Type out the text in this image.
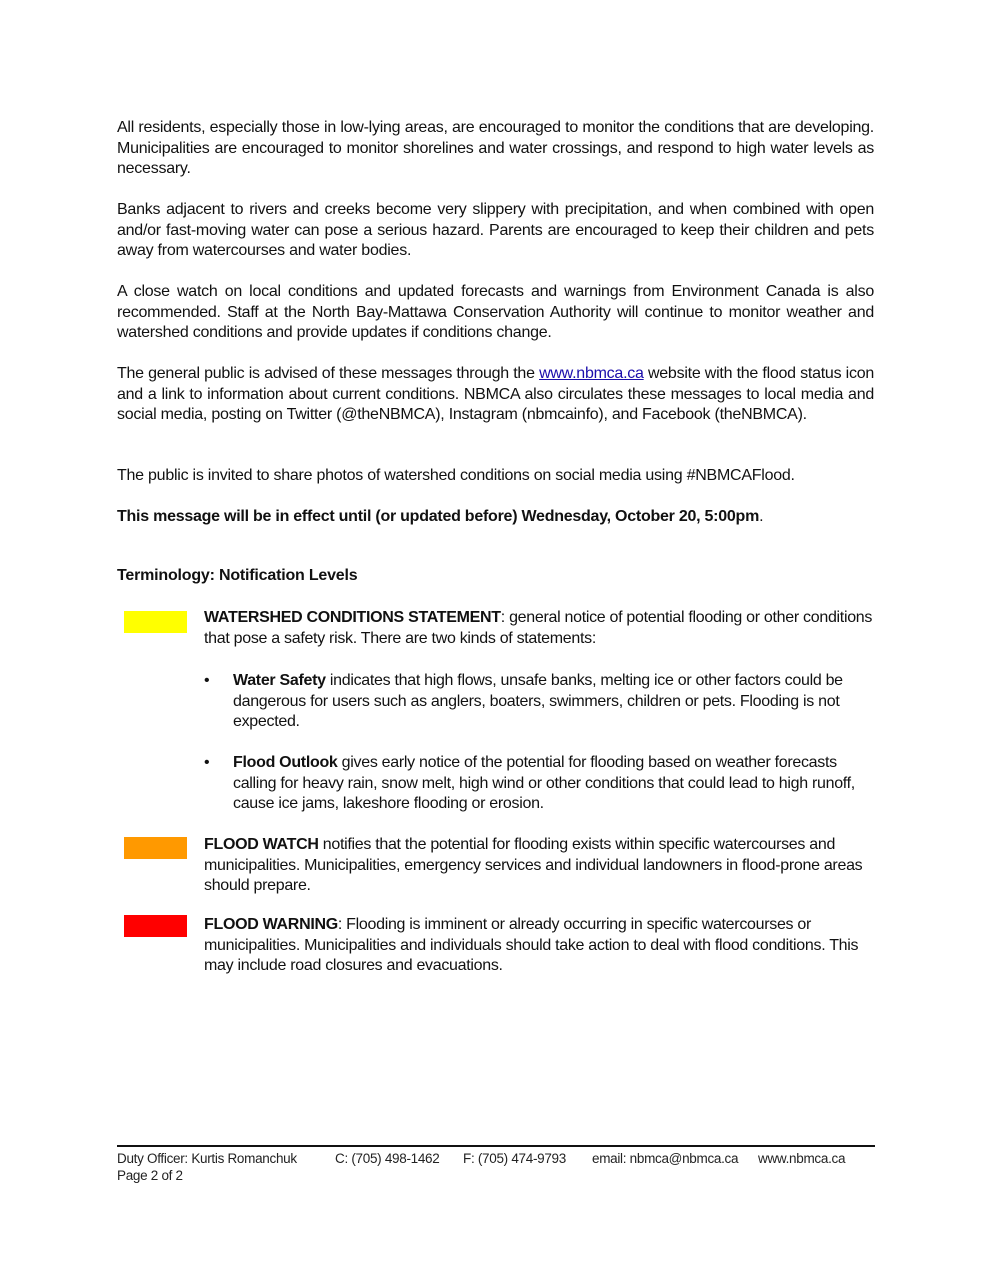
All residents, especially those in low-lying areas, are encouraged to monitor the conditions that are developing. Municipalities are encouraged to monitor shorelines and water crossings, and respond to high water levels as necessary.

Banks adjacent to rivers and creeks become very slippery with precipitation, and when combined with open and/or fast-moving water can pose a serious hazard. Parents are encouraged to keep their children and pets away from watercourses and water bodies.

A close watch on local conditions and updated forecasts and warnings from Environment Canada is also recommended. Staff at the North Bay-Mattawa Conservation Authority will continue to monitor weather and watershed conditions and provide updates if conditions change.

The general public is advised of these messages through the www.nbmca.ca website with the flood status icon and a link to information about current conditions. NBMCA also circulates these messages to local media and social media, posting on Twitter (@theNBMCA), Instagram (nbmcainfo), and Facebook (theNBMCA).

The public is invited to share photos of watershed conditions on social media using #NBMCAFlood.

This message will be in effect until (or updated before) Wednesday, October 20, 5:00pm.

Terminology: Notification Levels

WATERSHED CONDITIONS STATEMENT: general notice of potential flooding or other conditions that pose a safety risk. There are two kinds of statements:

•	Water Safety indicates that high flows, unsafe banks, melting ice or other factors could be dangerous for users such as anglers, boaters, swimmers, children or pets. Flooding is not expected.
•	Flood Outlook gives early notice of the potential for flooding based on weather forecasts calling for heavy rain, snow melt, high wind or other conditions that could lead to high runoff, cause ice jams, lakeshore flooding or erosion.

FLOOD WATCH notifies that the potential for flooding exists within specific watercourses and municipalities. Municipalities, emergency services and individual landowners in flood-prone areas should prepare.

FLOOD WARNING: Flooding is imminent or already occurring in specific watercourses or municipalities. Municipalities and individuals should take action to deal with flood conditions. This may include road closures and evacuations.

Duty Officer: Kurtis Romanchuk	C: (705) 498-1462 F: (705) 474-9793 email: nbmca@nbmca.ca www.nbmca.ca
Page 2 of 2
